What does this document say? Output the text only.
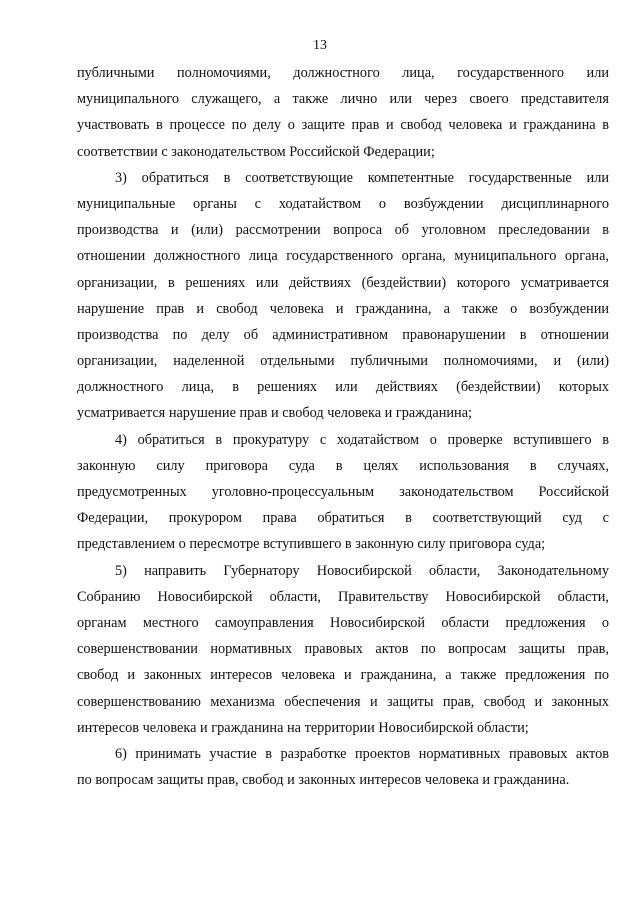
13
публичными полномочиями, должностного лица, государственного или
муниципального служащего, а также лично или через своего представителя
участвовать в процессе по делу о защите прав и свобод человека и гражданина в
соответствии с законодательством Российской Федерации;
3) обратиться в соответствующие компетентные государственные или
муниципальные органы с ходатайством о возбуждении дисциплинарного
производства и (или) рассмотрении вопроса об уголовном преследовании в
отношении должностного лица государственного органа, муниципального органа,
организации, в решениях или действиях (бездействии) которого усматривается
нарушение прав и свобод человека и гражданина, а также о возбуждении
производства по делу об административном правонарушении в отношении
организации, наделенной отдельными публичными полномочиями, и (или)
должностного лица, в решениях или действиях (бездействии) которых
усматривается нарушение прав и свобод человека и гражданина;
4) обратиться в прокуратуру с ходатайством о проверке вступившего в
законную силу приговора суда в целях использования в случаях,
предусмотренных уголовно-процессуальным законодательством Российской
Федерации, прокурором права обратиться в соответствующий суд с
представлением о пересмотре вступившего в законную силу приговора суда;
5) направить Губернатору Новосибирской области, Законодательному
Собранию Новосибирской области, Правительству Новосибирской области,
органам местного самоуправления Новосибирской области предложения о
совершенствовании нормативных правовых актов по вопросам защиты прав,
свобод и законных интересов человека и гражданина, а также предложения по
совершенствованию механизма обеспечения и защиты прав, свобод и законных
интересов человека и гражданина на территории Новосибирской области;
6) принимать участие в разработке проектов нормативных правовых актов
по вопросам защиты прав, свобод и законных интересов человека и гражданина.
